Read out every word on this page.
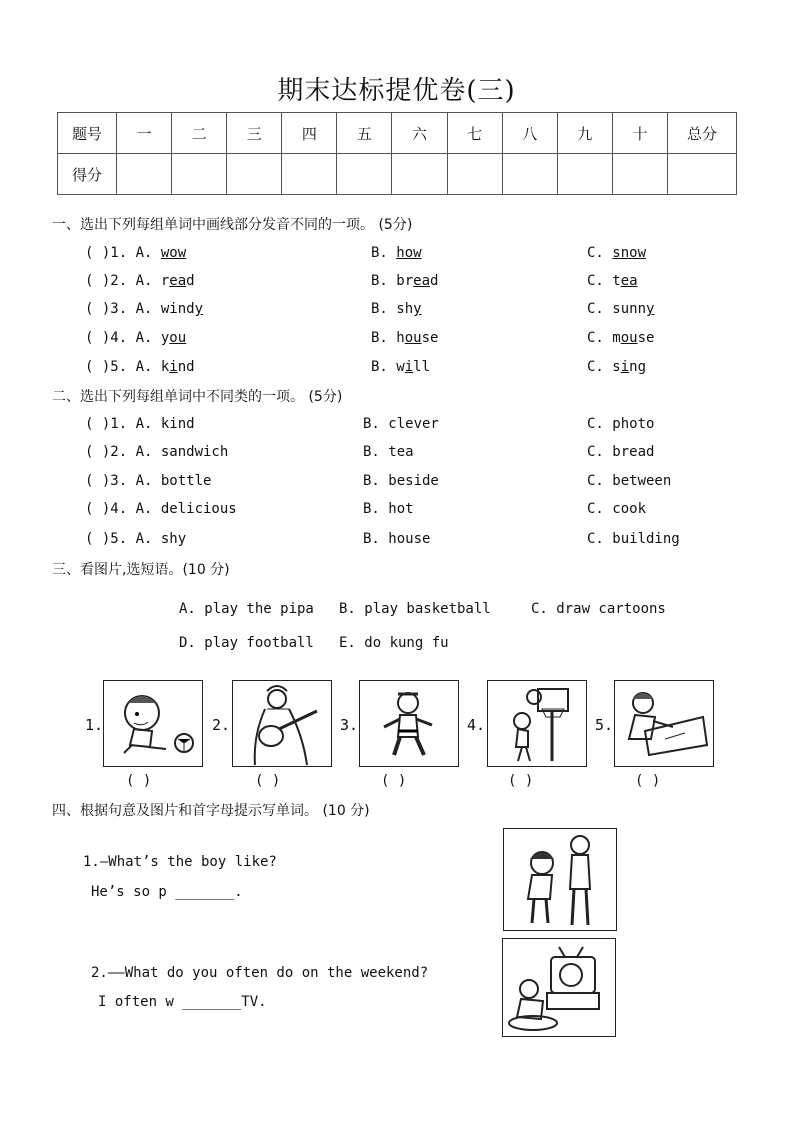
期末达标提优卷(三)
题号	一	二	三	四	五	六	七	八	九	十	总分
得分											
一、选出下列每组单词中画线部分发音不同的一项。 (5分)
( )1. A. wow	B. how	C. snow
( )2. A. read	B. bread	C. tea
( )3. A. windy	B. shy	C. sunny
( )4. A. you	B. house	C. mouse
( )5. A. kind	B. will	C. sing
二、选出下列每组单词中不同类的一项。 (5分)
( )1. A. kind	B. clever	C. photo
( )2. A. sandwich	B. tea	C. bread
( )3. A. bottle	B. beside	C. between
( )4. A. delicious	B. hot	C. cook
( )5. A. shy	B. house	C. building
三、看图片,选短语。(10 分)
A. play the pipa B. play basketball	C. draw cartoons
D. play football E. do kung fu
1.
( )
2.
( )
3.
( )
4.
( )
5.
( )
四、根据句意及图片和首字母提示写单词。 (10 分)
1.—What’s the boy like?
He’s so p _______.
2.——What do you often do on the weekend?
I often w _______TV.
